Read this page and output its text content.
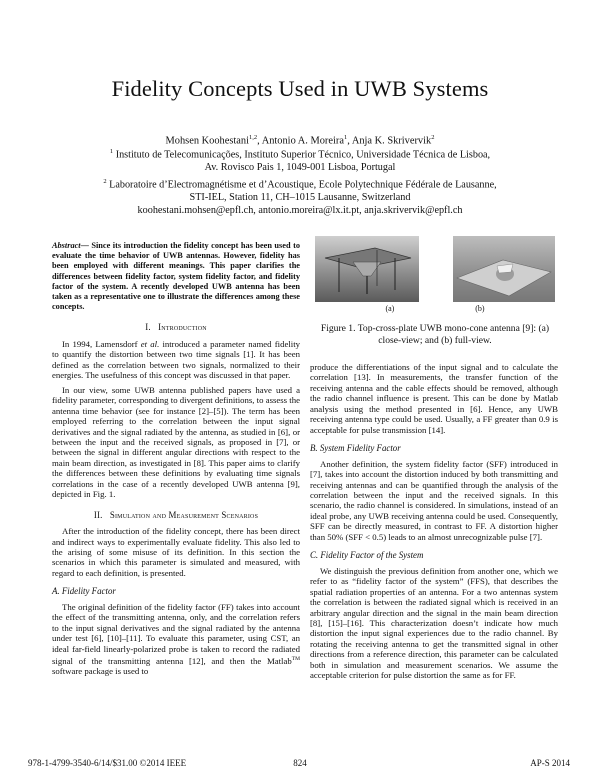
Fidelity Concepts Used in UWB Systems
Mohsen Koohestani$^{1,2}$, Antonio A. Moreira$^1$, Anja K. Skrivervik$^2$
$^1$ Instituto de Telecomunicações, Instituto Superior Técnico, Universidade Técnica de Lisboa,
Av. Rovisco Pais 1, 1049-001 Lisboa, Portugal
$^2$ Laboratoire d’Electromagnétisme et d’Acoustique, Ecole Polytechnique Fédérale de Lausanne,
STI-IEL, Station 11, CH–1015 Lausanne, Switzerland
koohestani.mohsen@epfl.ch, antonio.moreira@lx.it.pt, anja.skrivervik@epfl.ch
Abstract— Since its introduction the fidelity concept has been used to evaluate the time behavior of UWB antennas. However, fidelity has been employed with different meanings. This paper clarifies the differences between fidelity factor, system fidelity factor, and fidelity factor of the system. A recently developed UWB antenna has been taken as a representative one to illustrate the differences among these concepts.
I. Introduction

In 1994, Lamensdorf et al. introduced a parameter named fidelity to quantify the distortion between two time signals [1]. It has been defined as the correlation between two signals, normalized to their energies. The usefulness of this concept was discussed in that paper.

In our view, some UWB antenna published papers have used a fidelity parameter, corresponding to divergent definitions, to assess the antenna time behavior (see for instance [2]–[5]). The term has been employed referring to the correlation between the input signal derivatives and the signal radiated by the antenna, as studied in [6], or between the input and the received signals, as proposed in [7], or between the signal in different angular directions with respect to the main beam direction, as investigated in [8]. This paper aims to clarify the differences between these definitions by evaluating time signals correlations in the case of a recently developed UWB antenna [9], depicted in Fig. 1.

II. Simulation and Measurement Scenarios

After the introduction of the fidelity concept, there has been direct and indirect ways to experimentally evaluate fidelity. This also led to the arising of some misuse of its definition. In this section the scenarios in which this parameter is simulated and measured, with regard to each definition, is presented.

A. Fidelity Factor

The original definition of the fidelity factor (FF) takes into account the effect of the transmitting antenna, only, and the correlation refers to the input signal derivatives and the signal radiated by the antenna under test [6], [10]–[11]. To evaluate this parameter, using CST, an ideal far-field linearly-polarized probe is taken to record the radiated signal of the transmitting antenna [12], and then the Matlab™ software package is used to

(a)	(b)
Figure 1. Top-cross-plate UWB mono-cone antenna [9]: (a) close-view; and (b) full-view.

produce the differentiations of the input signal and to calculate the correlation [13]. In measurements, the transfer function of the receiving antenna and the cable effects should be removed, although the radio channel influence is present. This can be done by Matlab analysis using the method presented in [6]. Hence, any UWB receiving antenna type could be used. Usually, a FF greater than 0.9 is acceptable for pulse transmission [14].

B. System Fidelity Factor

Another definition, the system fidelity factor (SFF) introduced in [7], takes into account the distortion induced by both transmitting and receiving antennas and can be quantified through the analysis of the correlation between the input and the received signals. In this scenario, the radio channel is considered. In simulations, instead of an ideal probe, any UWB receiving antenna could be used. Consequently, SFF can be directly measured, in contrast to FF. A distortion higher than 50% (SFF < 0.5) leads to an almost unrecognizable pulse [7].

C. Fidelity Factor of the System

We distinguish the previous definition from another one, which we refer to as “fidelity factor of the system” (FFS), that describes the spatial radiation properties of an antenna. For a two antennas system the correlation is between the radiated signal which is received in an arbitrary angular direction and the signal in the main beam direction [8], [15]–[16]. This characterization doesn’t indicate how much distortion the input signal experiences due to the radio channel. By rotating the receiving antenna to get the transmitted signal in other directions from a reference direction, this parameter can be calculated both in simulation and measurement scenarios. We assume the acceptable criterion for pulse distortion the same as for FF.

978-1-4799-3540-6/14/$31.00 ©2014 IEEE	824	AP-S 2014
